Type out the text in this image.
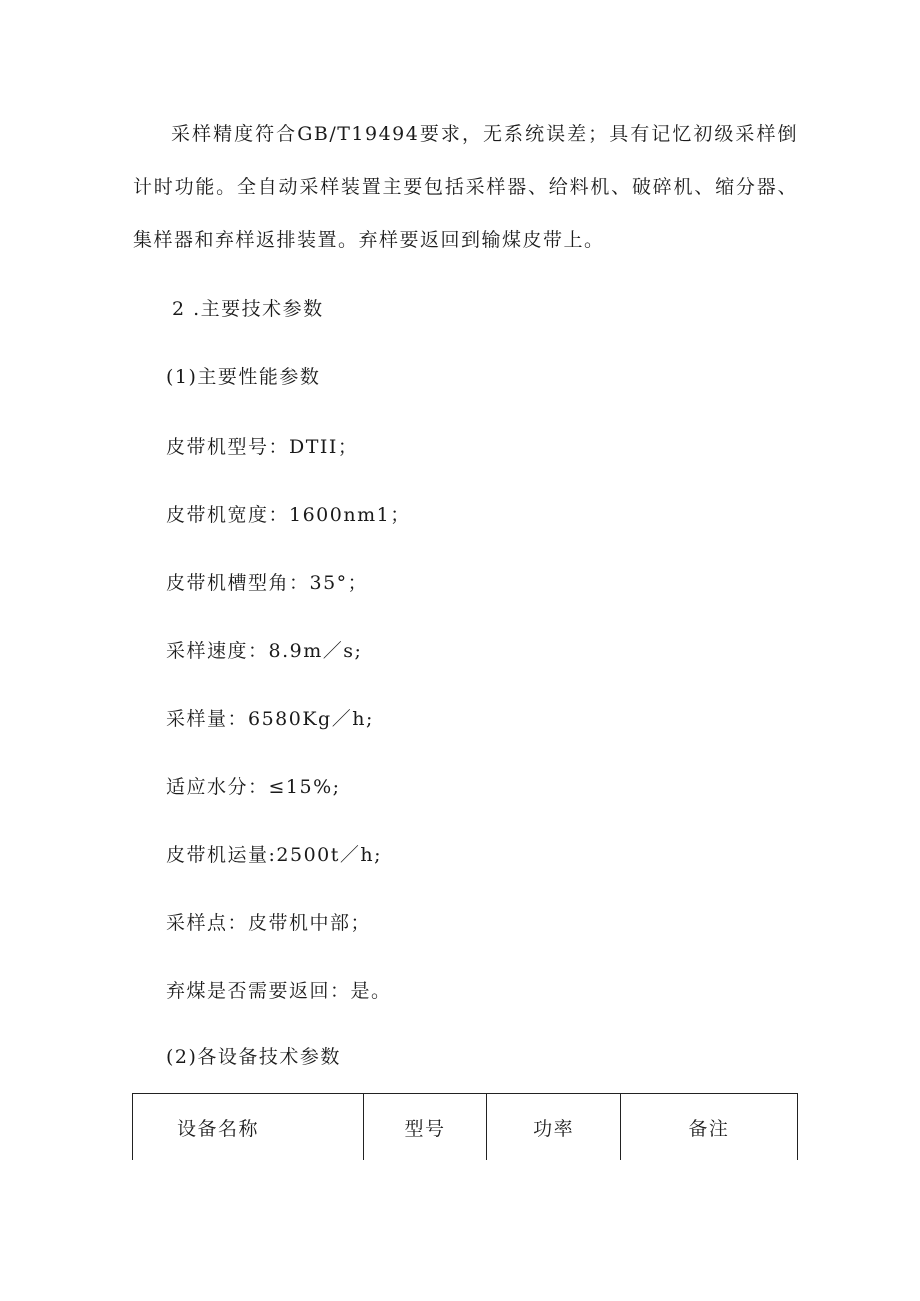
采样精度符合GB/T19494要求，无系统误差；具有记忆初级采样倒计时功能。全自动采样装置主要包括采样器、给料机、破碎机、缩分器、集样器和弃样返排装置。弃样要返回到输煤皮带上。

2 .主要技术参数

(1)主要性能参数

皮带机型号：DTII；

皮带机宽度：1600nm1；

皮带机槽型角：35°；

采样速度：8.9m／s;

采样量：6580Kg／h;

适应水分：≤15%;

皮带机运量:2500t／h;

采样点：皮带机中部；

弃煤是否需要返回：是。

(2)各设备技术参数

设备名称	型号	功率	备注
